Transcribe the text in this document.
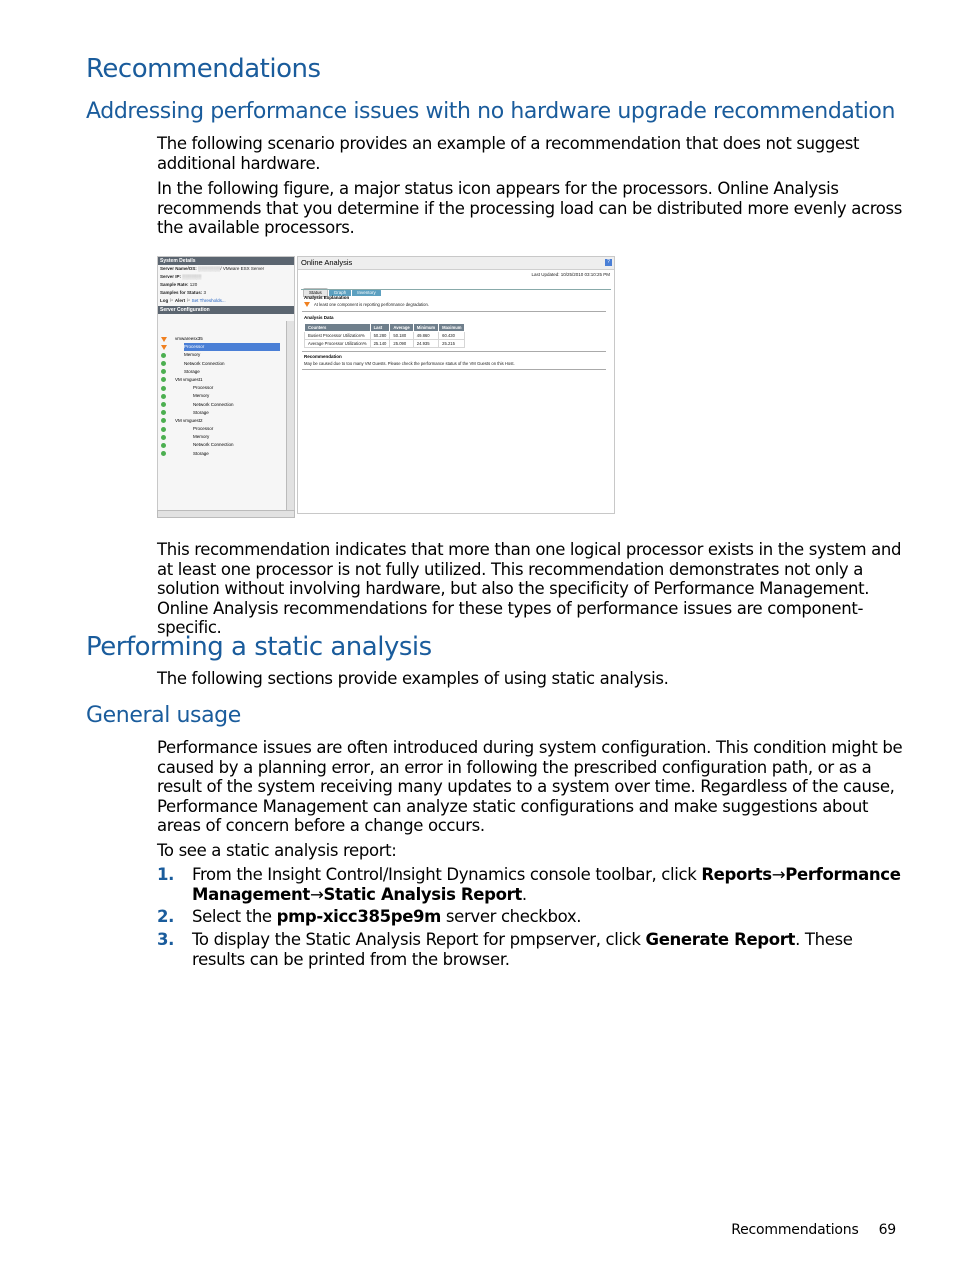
Recommendations
Addressing performance issues with no hardware upgrade recommendation

The following scenario provides an example of a recommendation that does not suggest additional hardware.

In the following figure, a major status icon appears for the processors. Online Analysis recommends that you determine if the processing load can be distributed more evenly across the available processors.

System Details
Server Name/OS: ▒▒▒▒▒▒▒/ VMware ESX Server
Server IP: ▒▒▒▒▒▒
Sample Rate: 120
Samples for Status: 3
Log ⚐ Alert ⚐ Set Thresholds...
Server Configuration
vmwareesx35
Processor
Memory
Network Connection
Storage
VM vmguest1
Processor
Memory
Network Connection
Storage
VM vmguest2
Processor
Memory
Network Connection
Storage
Online Analysis	?
Last Updated: 10/25/2010 03:10:25 PM
Status	Graph Inventory
Analysis Explanation
At least one component is reporting performance degradation.
Analysis Data
Counters	Last	Average	Minimum	Maximum
Busiest Processor Utilization%	50.280	50.180	49.860	60.430
Average Processor Utilization%	25.140	25.090	24.935	25.215
Recommendation
May be caused due to too many VM Guests. Please check the performance status of the VM Guests on this Host.

This recommendation indicates that more than one logical processor exists in the system and at least one processor is not fully utilized. This recommendation demonstrates not only a solution without involving hardware, but also the specificity of Performance Management. Online Analysis recommendations for these types of performance issues are component-specific.

Performing a static analysis

The following sections provide examples of using static analysis.

General usage

Performance issues are often introduced during system configuration. This condition might be caused by a planning error, an error in following the prescribed configuration path, or as a result of the system receiving many updates to a system over time. Regardless of the cause, Performance Management can analyze static configurations and make suggestions about areas of concern before a change occurs.

To see a static analysis report:

1. From the Insight Control/Insight Dynamics console toolbar, click Reports→Performance Management→Static Analysis Report.
2. Select the pmp-xicc385pe9m server checkbox.
3. To display the Static Analysis Report for pmpserver, click Generate Report. These results can be printed from the browser.
Recommendations 69
